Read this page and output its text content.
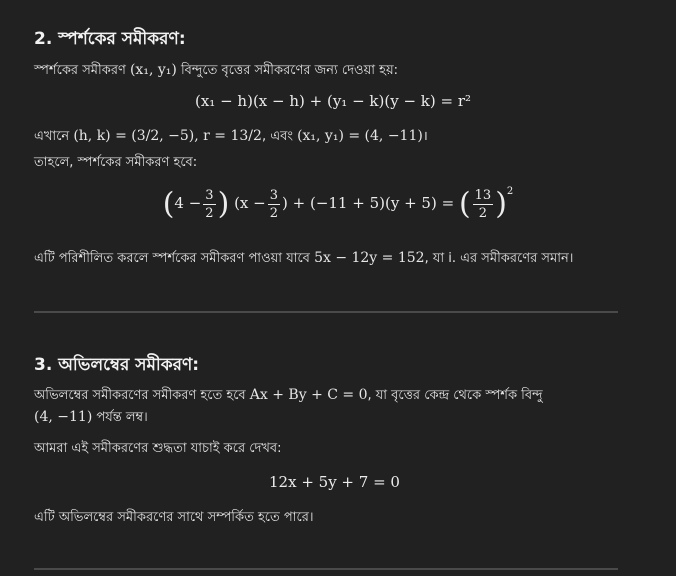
2. স্পর্শকের সমীকরণ:
স্পর্শকের সমীকরণ (x₁, y₁) বিন্দুতে বৃত্তের সমীকরণের জন্য দেওয়া হয়:
(x₁ − h)(x − h) + (y₁ − k)(y − k) = r²
এখানে (h, k) = (3/2, −5), r = 13/2, এবং (x₁, y₁) = (4, −11)।
তাহলে, স্পর্শকের সমীকরণ হবে:
($4 - \frac{3}{2}$ ) ($x - \frac{3}{2}$ ) + (−11 + 5)(y + 5) = ( $\frac{13}{2} )^2$
এটি পরিশীলিত করলে স্পর্শকের সমীকরণ পাওয়া যাবে 5x − 12y = 152, যা i. এর সমীকরণের সমান।
3. অভিলম্বের সমীকরণ:
অভিলম্বের সমীকরণের সমীকরণ হতে হবে Ax + By + C = 0, যা বৃত্তের কেন্দ্র থেকে স্পর্শক বিন্দু
(4, −11) পর্যন্ত লম্ব।
আমরা এই সমীকরণের শুদ্ধতা যাচাই করে দেখব:
12x + 5y + 7 = 0
এটি অভিলম্বের সমীকরণের সাথে সম্পর্কিত হতে পারে।
